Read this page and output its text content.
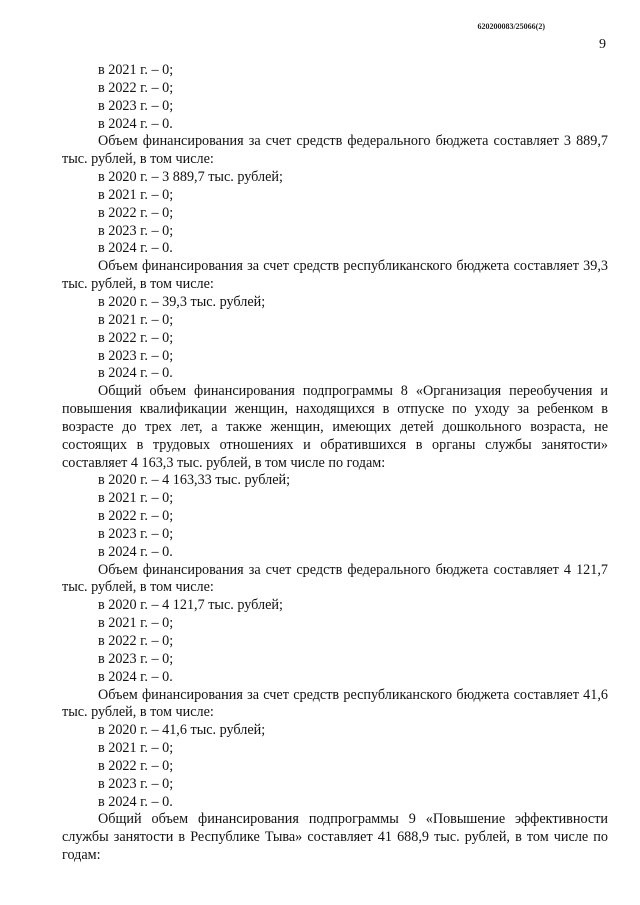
620200083/25066(2)
9

в 2021 г. – 0;

в 2022 г. – 0;

в 2023 г. – 0;

в 2024 г. – 0.

Объем финансирования за счет средств федерального бюджета составляет 3 889,7 тыс. рублей, в том числе:

в 2020 г. – 3 889,7 тыс. рублей;

в 2021 г. – 0;

в 2022 г. – 0;

в 2023 г. – 0;

в 2024 г. – 0.

Объем финансирования за счет средств республиканского бюджета составляет 39,3 тыс. рублей, в том числе:

в 2020 г. – 39,3 тыс. рублей;

в 2021 г. – 0;

в 2022 г. – 0;

в 2023 г. – 0;

в 2024 г. – 0.

Общий объем финансирования подпрограммы 8 «Организация переобучения и повышения квалификации женщин, находящихся в отпуске по уходу за ребенком в возрасте до трех лет, а также женщин, имеющих детей дошкольного возраста, не состоящих в трудовых отношениях и обратившихся в органы службы занятости» составляет 4 163,3 тыс. рублей, в том числе по годам:

в 2020 г. – 4 163,33 тыс. рублей;

в 2021 г. – 0;

в 2022 г. – 0;

в 2023 г. – 0;

в 2024 г. – 0.

Объем финансирования за счет средств федерального бюджета составляет 4 121,7 тыс. рублей, в том числе:

в 2020 г. – 4 121,7 тыс. рублей;

в 2021 г. – 0;

в 2022 г. – 0;

в 2023 г. – 0;

в 2024 г. – 0.

Объем финансирования за счет средств республиканского бюджета составляет 41,6 тыс. рублей, в том числе:

в 2020 г. – 41,6 тыс. рублей;

в 2021 г. – 0;

в 2022 г. – 0;

в 2023 г. – 0;

в 2024 г. – 0.

Общий объем финансирования подпрограммы 9 «Повышение эффективности службы занятости в Республике Тыва» составляет 41 688,9 тыс. рублей, в том числе по годам:
